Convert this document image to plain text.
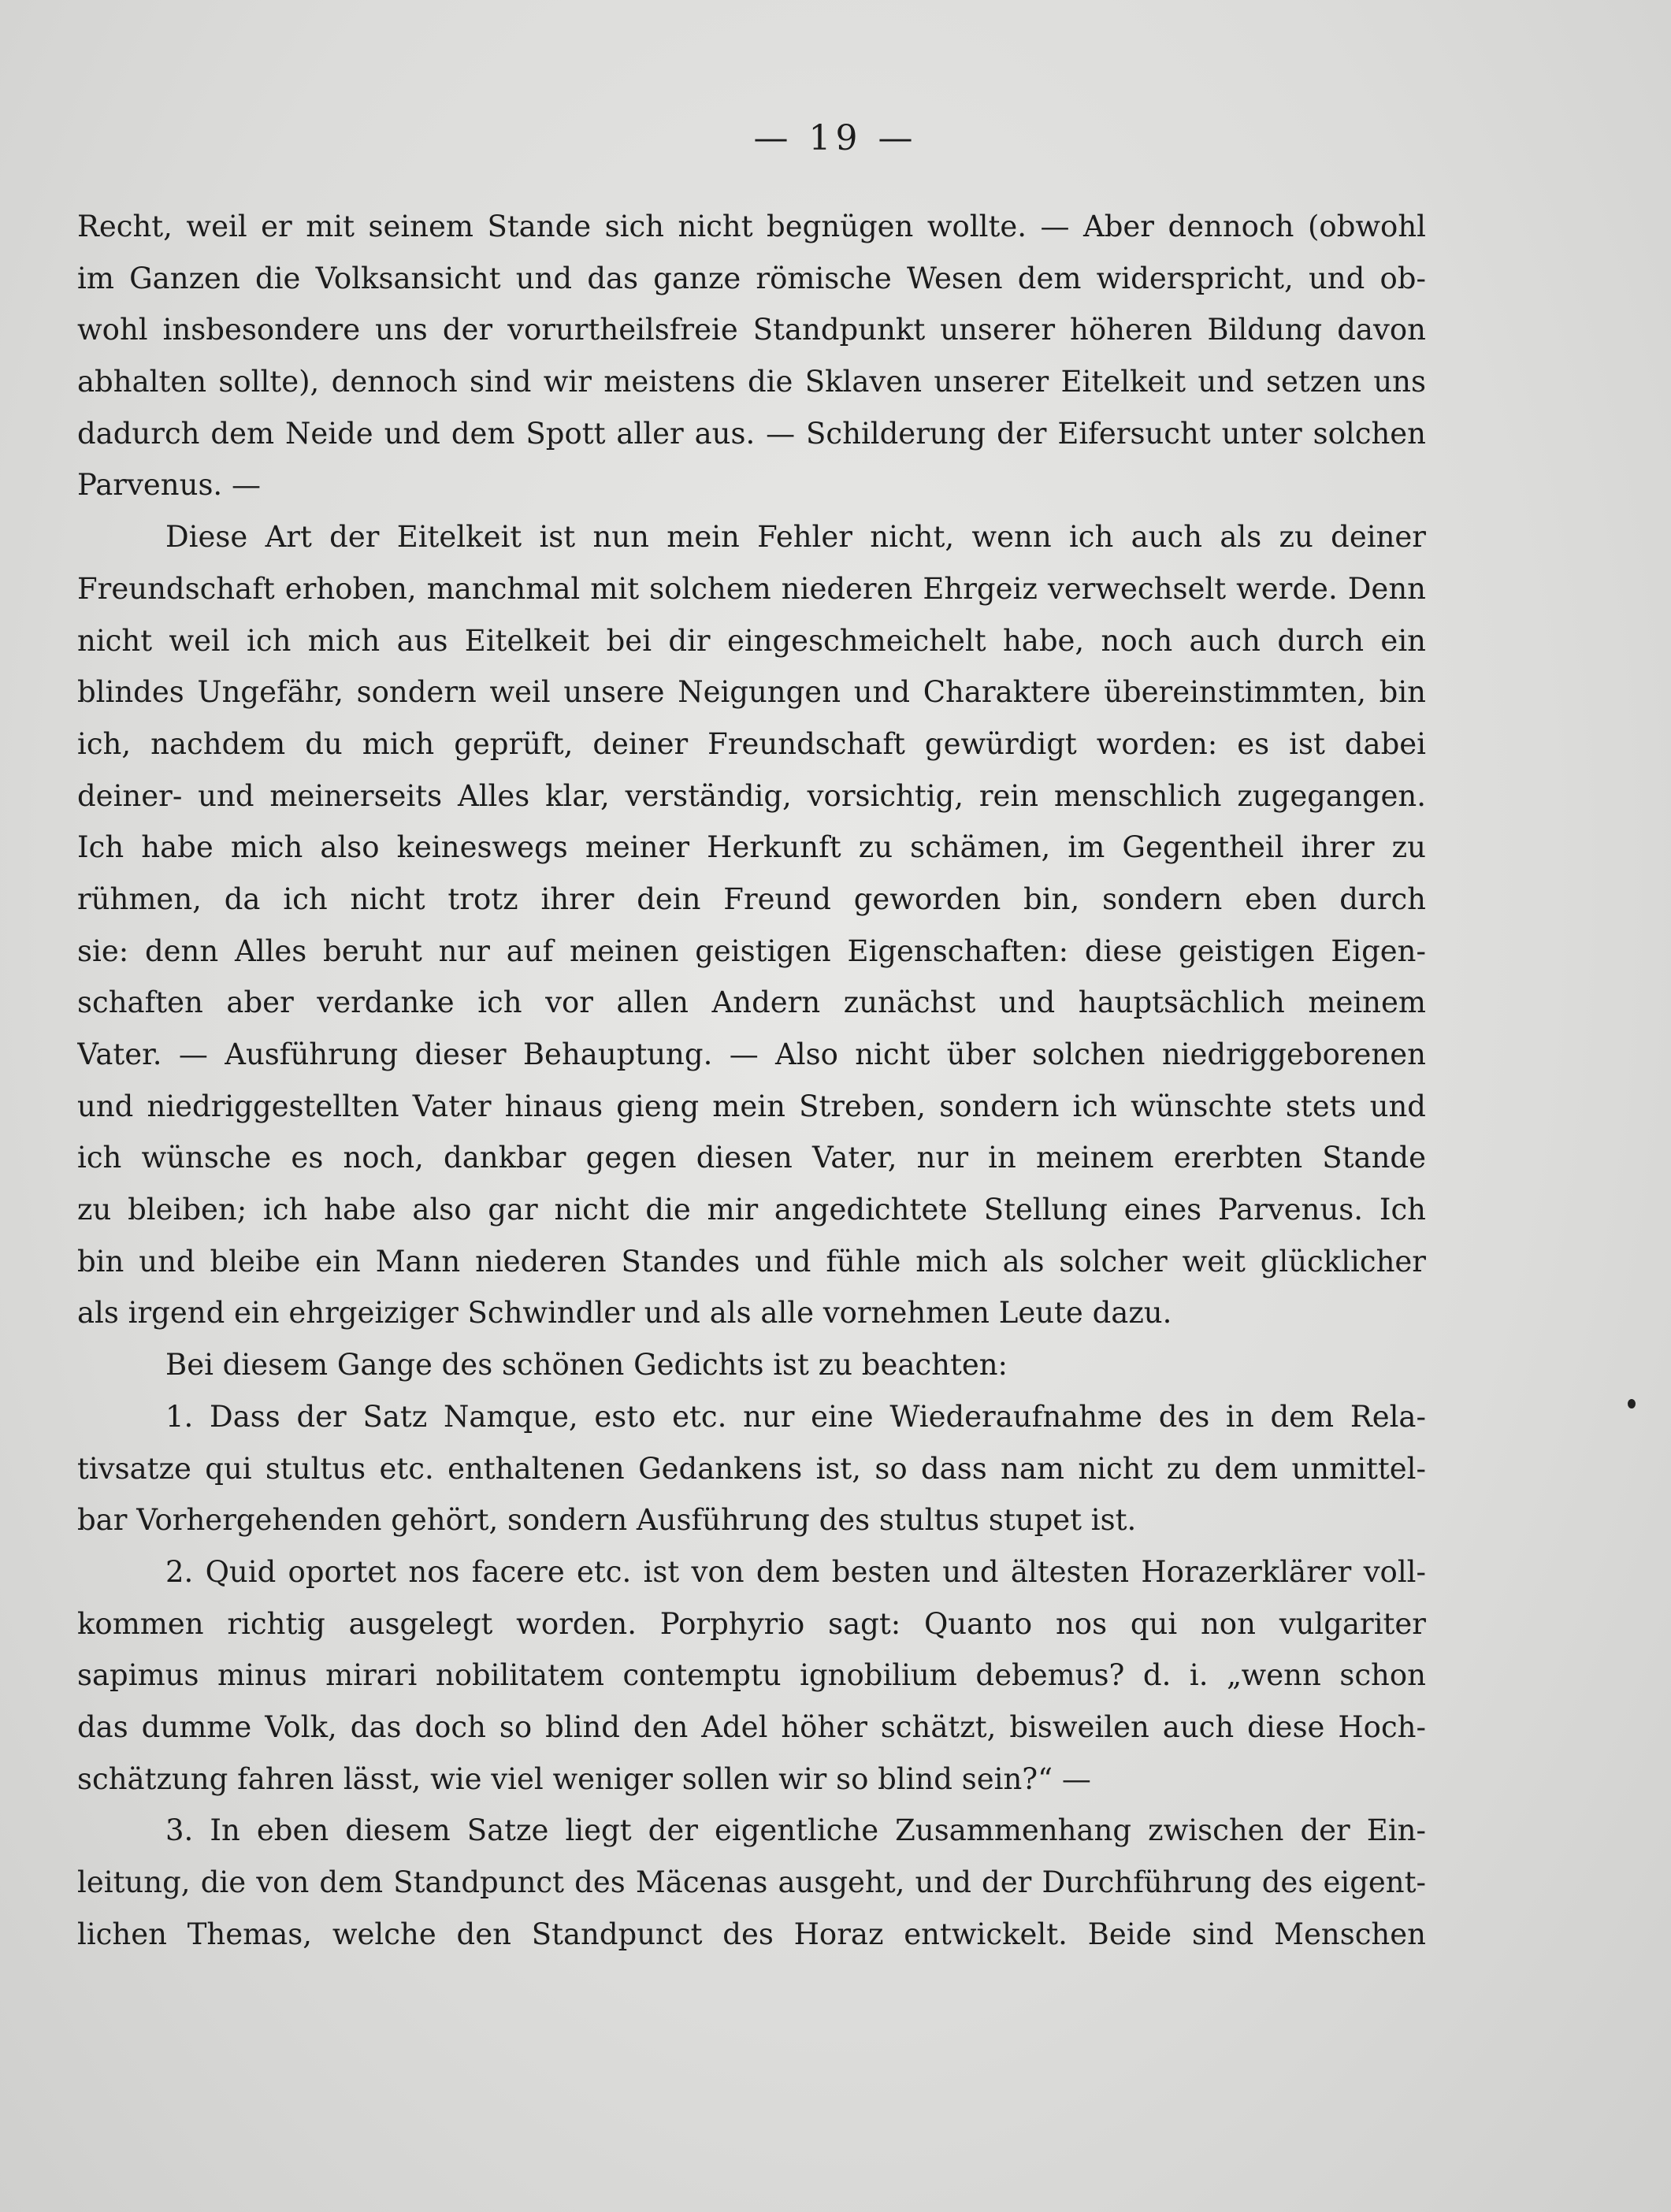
— 19 —
Recht, weil er mit seinem Stande sich nicht begnügen wollte. — Aber dennoch (obwohl
im Ganzen die Volksansicht und das ganze römische Wesen dem widerspricht, und ob-
wohl insbesondere uns der vorurtheilsfreie Standpunkt unserer höheren Bildung davon
abhalten sollte), dennoch sind wir meistens die Sklaven unserer Eitelkeit und setzen uns
dadurch dem Neide und dem Spott aller aus. — Schilderung der Eifersucht unter solchen
Parvenus. —
Diese Art der Eitelkeit ist nun mein Fehler nicht, wenn ich auch als zu deiner
Freundschaft erhoben, manchmal mit solchem niederen Ehrgeiz verwechselt werde. Denn
nicht weil ich mich aus Eitelkeit bei dir eingeschmeichelt habe, noch auch durch ein
blindes Ungefähr, sondern weil unsere Neigungen und Charaktere übereinstimmten, bin
ich, nachdem du mich geprüft, deiner Freundschaft gewürdigt worden: es ist dabei
deiner- und meinerseits Alles klar, verständig, vorsichtig, rein menschlich zugegangen.
Ich habe mich also keineswegs meiner Herkunft zu schämen, im Gegentheil ihrer zu
rühmen, da ich nicht trotz ihrer dein Freund geworden bin, sondern eben durch
sie: denn Alles beruht nur auf meinen geistigen Eigenschaften: diese geistigen Eigen-
schaften aber verdanke ich vor allen Andern zunächst und hauptsächlich meinem
Vater. — Ausführung dieser Behauptung. — Also nicht über solchen niedriggeborenen
und niedriggestellten Vater hinaus gieng mein Streben, sondern ich wünschte stets und
ich wünsche es noch, dankbar gegen diesen Vater, nur in meinem ererbten Stande
zu bleiben; ich habe also gar nicht die mir angedichtete Stellung eines Parvenus. Ich
bin und bleibe ein Mann niederen Standes und fühle mich als solcher weit glücklicher
als irgend ein ehrgeiziger Schwindler und als alle vornehmen Leute dazu.
Bei diesem Gange des schönen Gedichts ist zu beachten:
1. Dass der Satz Namque, esto etc. nur eine Wiederaufnahme des in dem Rela-
tivsatze qui stultus etc. enthaltenen Gedankens ist, so dass nam nicht zu dem unmittel-
bar Vorhergehenden gehört, sondern Ausführung des stultus stupet ist.
2. Quid oportet nos facere etc. ist von dem besten und ältesten Horazerklärer voll-
kommen richtig ausgelegt worden. Porphyrio sagt: Quanto nos qui non vulgariter
sapimus minus mirari nobilitatem contemptu ignobilium debemus? d. i. „wenn schon
das dumme Volk, das doch so blind den Adel höher schätzt, bisweilen auch diese Hoch-
schätzung fahren lässt, wie viel weniger sollen wir so blind sein?“ —
3. In eben diesem Satze liegt der eigentliche Zusammenhang zwischen der Ein-
leitung, die von dem Standpunct des Mäcenas ausgeht, und der Durchführung des eigent-
lichen Themas, welche den Standpunct des Horaz entwickelt. Beide sind Menschen
